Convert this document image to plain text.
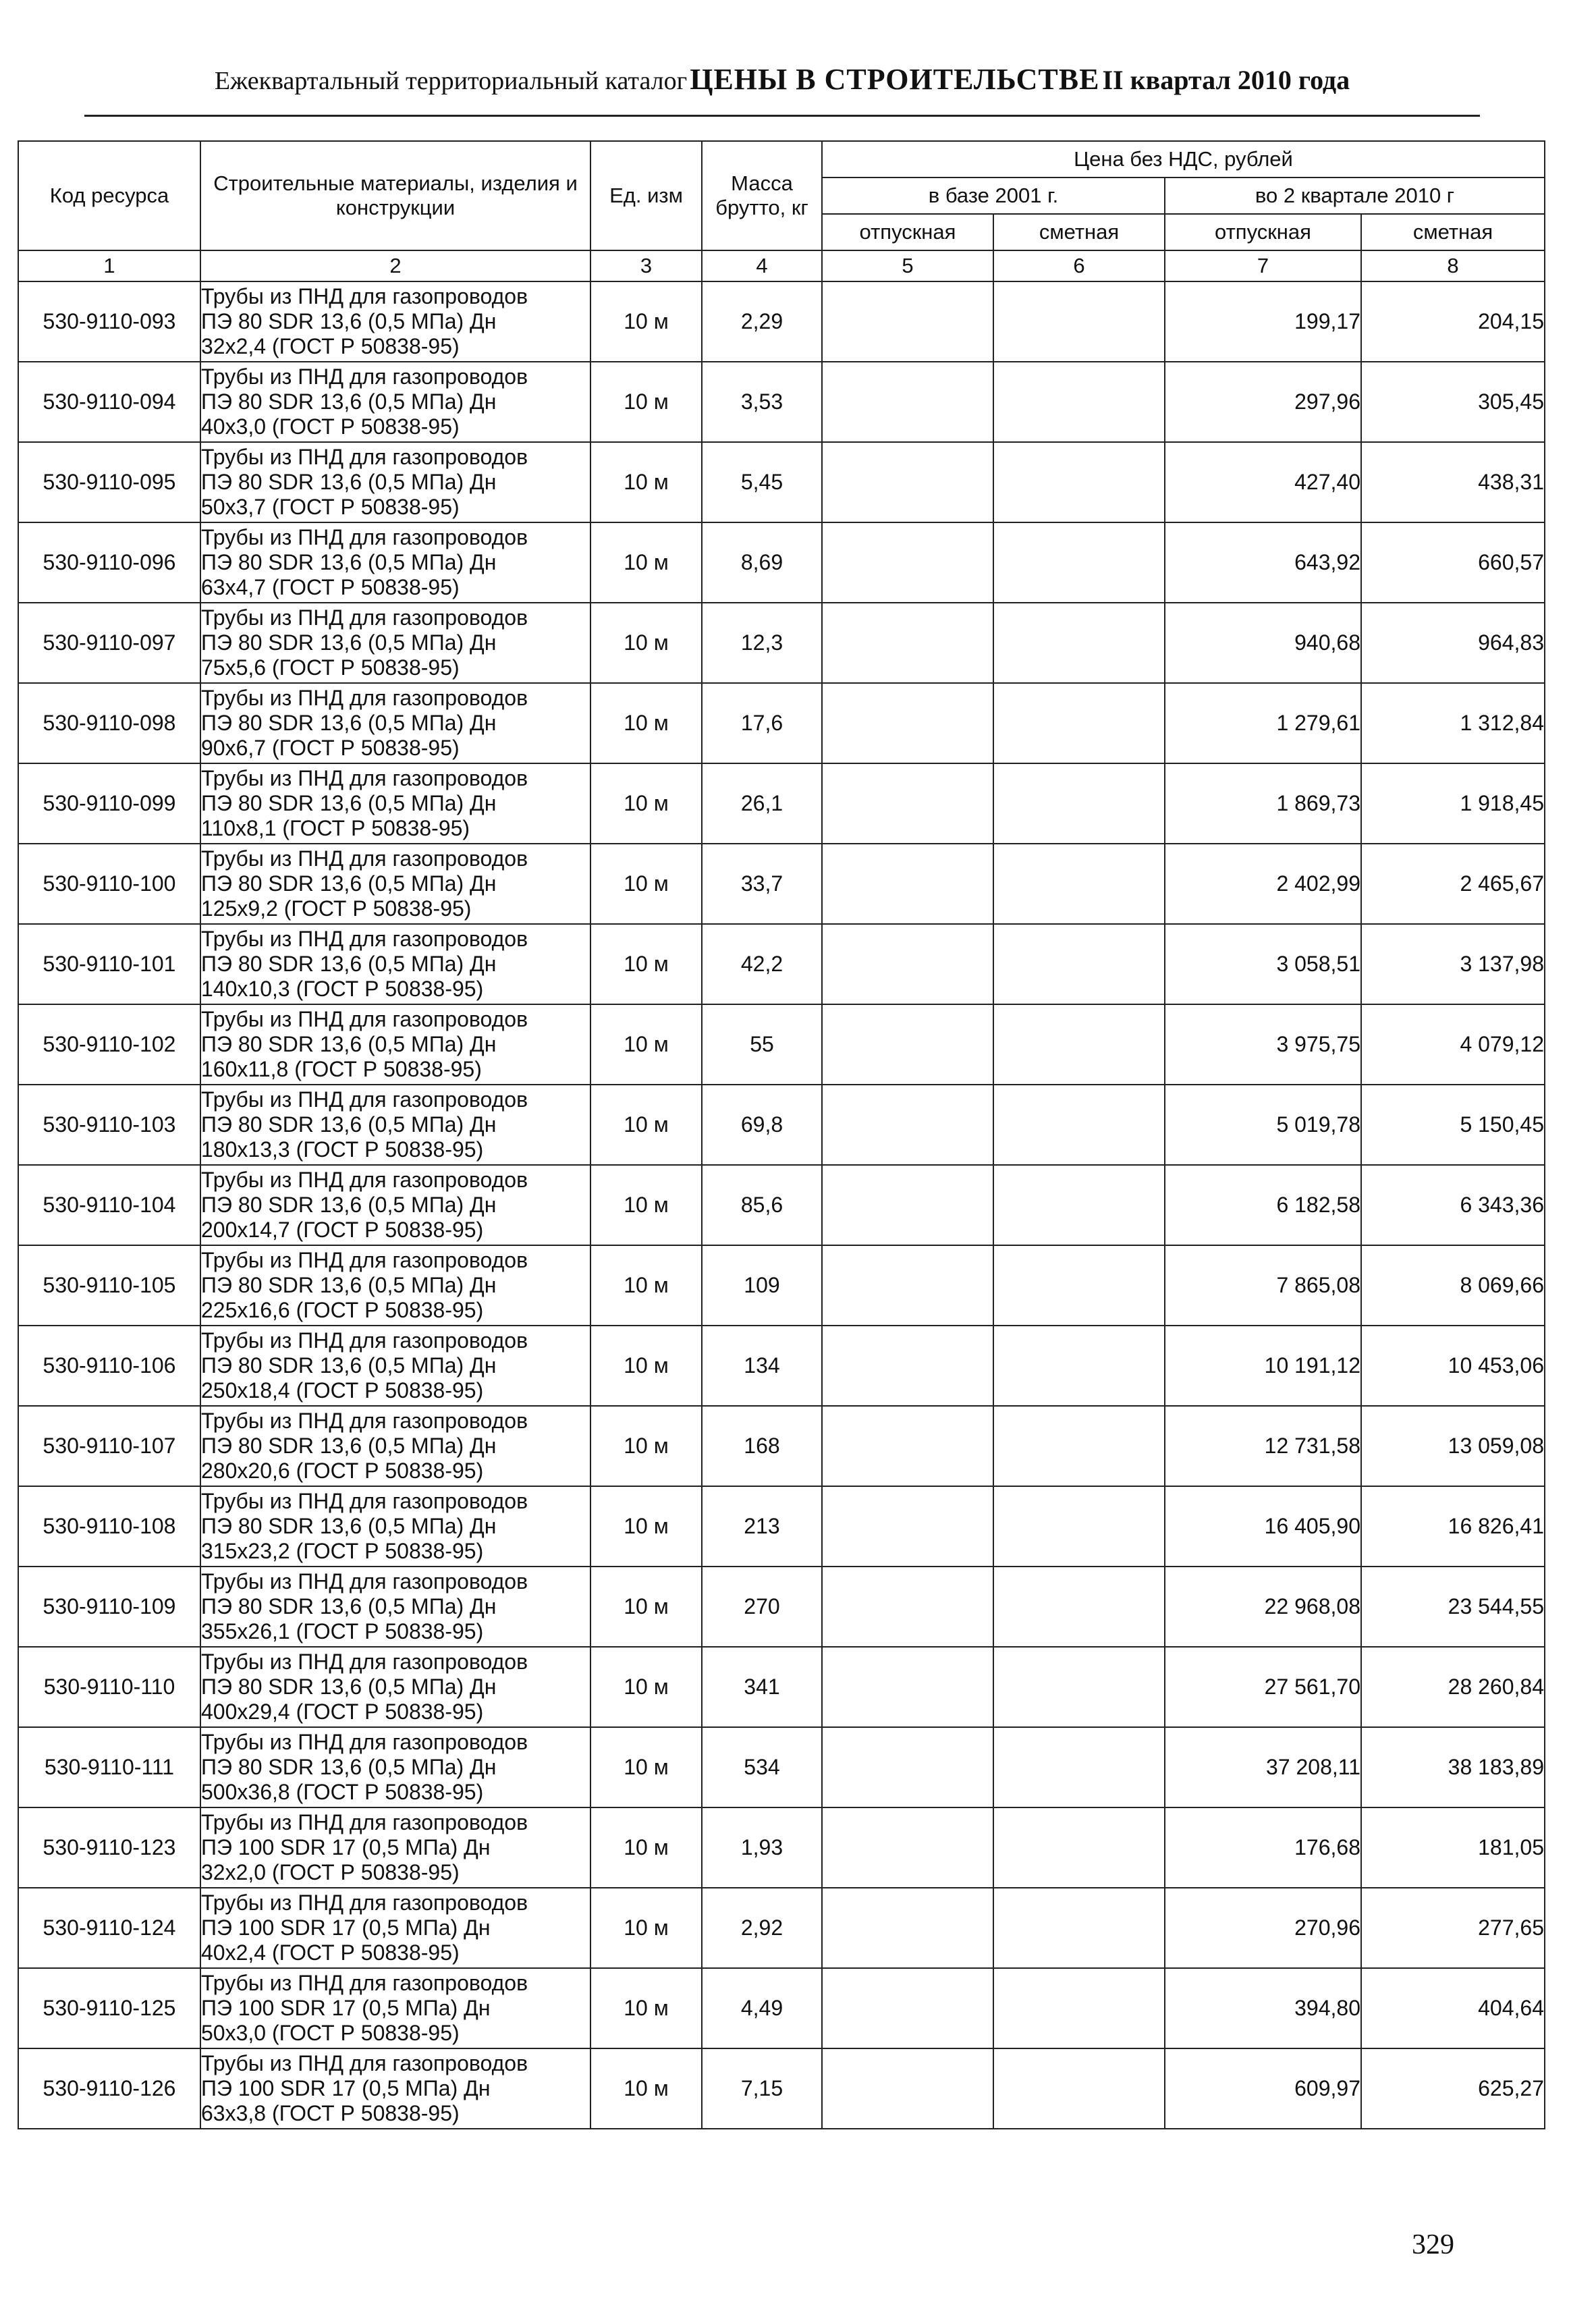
Ежеквартальный территориальный каталог ЦЕНЫ В СТРОИТЕЛЬСТВЕ II квартал 2010 года
Код ресурса	Строительные материалы, изделия и конструкции	Ед. изм	Масса брутто, кг	Цена без НДС, рублей			
				в базе 2001 г.		во 2 квартале 2010 г	
				отпускная	сметная	отпускная	сметная
1	2	3	4	5	6	7	8
530-9110-093	Трубы из ПНД для газопроводов
ПЭ 80 SDR 13,6 (0,5 МПа) Дн
32x2,4 (ГОСТ Р 50838-95)	10 м	2,29			199,17	204,15
530-9110-094	Трубы из ПНД для газопроводов
ПЭ 80 SDR 13,6 (0,5 МПа) Дн
40x3,0 (ГОСТ Р 50838-95)	10 м	3,53			297,96	305,45
530-9110-095	Трубы из ПНД для газопроводов
ПЭ 80 SDR 13,6 (0,5 МПа) Дн
50x3,7 (ГОСТ Р 50838-95)	10 м	5,45			427,40	438,31
530-9110-096	Трубы из ПНД для газопроводов
ПЭ 80 SDR 13,6 (0,5 МПа) Дн
63x4,7 (ГОСТ Р 50838-95)	10 м	8,69			643,92	660,57
530-9110-097	Трубы из ПНД для газопроводов
ПЭ 80 SDR 13,6 (0,5 МПа) Дн
75x5,6 (ГОСТ Р 50838-95)	10 м	12,3			940,68	964,83
530-9110-098	Трубы из ПНД для газопроводов
ПЭ 80 SDR 13,6 (0,5 МПа) Дн
90x6,7 (ГОСТ Р 50838-95)	10 м	17,6			1 279,61	1 312,84
530-9110-099	Трубы из ПНД для газопроводов
ПЭ 80 SDR 13,6 (0,5 МПа) Дн
110x8,1 (ГОСТ Р 50838-95)	10 м	26,1			1 869,73	1 918,45
530-9110-100	Трубы из ПНД для газопроводов
ПЭ 80 SDR 13,6 (0,5 МПа) Дн
125x9,2 (ГОСТ Р 50838-95)	10 м	33,7			2 402,99	2 465,67
530-9110-101	Трубы из ПНД для газопроводов
ПЭ 80 SDR 13,6 (0,5 МПа) Дн
140x10,3 (ГОСТ Р 50838-95)	10 м	42,2			3 058,51	3 137,98
530-9110-102	Трубы из ПНД для газопроводов
ПЭ 80 SDR 13,6 (0,5 МПа) Дн
160x11,8 (ГОСТ Р 50838-95)	10 м	55			3 975,75	4 079,12
530-9110-103	Трубы из ПНД для газопроводов
ПЭ 80 SDR 13,6 (0,5 МПа) Дн
180x13,3 (ГОСТ Р 50838-95)	10 м	69,8			5 019,78	5 150,45
530-9110-104	Трубы из ПНД для газопроводов
ПЭ 80 SDR 13,6 (0,5 МПа) Дн
200x14,7 (ГОСТ Р 50838-95)	10 м	85,6			6 182,58	6 343,36
530-9110-105	Трубы из ПНД для газопроводов
ПЭ 80 SDR 13,6 (0,5 МПа) Дн
225x16,6 (ГОСТ Р 50838-95)	10 м	109			7 865,08	8 069,66
530-9110-106	Трубы из ПНД для газопроводов
ПЭ 80 SDR 13,6 (0,5 МПа) Дн
250x18,4 (ГОСТ Р 50838-95)	10 м	134			10 191,12	10 453,06
530-9110-107	Трубы из ПНД для газопроводов
ПЭ 80 SDR 13,6 (0,5 МПа) Дн
280x20,6 (ГОСТ Р 50838-95)	10 м	168			12 731,58	13 059,08
530-9110-108	Трубы из ПНД для газопроводов
ПЭ 80 SDR 13,6 (0,5 МПа) Дн
315x23,2 (ГОСТ Р 50838-95)	10 м	213			16 405,90	16 826,41
530-9110-109	Трубы из ПНД для газопроводов
ПЭ 80 SDR 13,6 (0,5 МПа) Дн
355x26,1 (ГОСТ Р 50838-95)	10 м	270			22 968,08	23 544,55
530-9110-110	Трубы из ПНД для газопроводов
ПЭ 80 SDR 13,6 (0,5 МПа) Дн
400x29,4 (ГОСТ Р 50838-95)	10 м	341			27 561,70	28 260,84
530-9110-111	Трубы из ПНД для газопроводов
ПЭ 80 SDR 13,6 (0,5 МПа) Дн
500x36,8 (ГОСТ Р 50838-95)	10 м	534			37 208,11	38 183,89
530-9110-123	Трубы из ПНД для газопроводов
ПЭ 100 SDR 17 (0,5 МПа) Дн
32x2,0 (ГОСТ Р 50838-95)	10 м	1,93			176,68	181,05
530-9110-124	Трубы из ПНД для газопроводов
ПЭ 100 SDR 17 (0,5 МПа) Дн
40x2,4 (ГОСТ Р 50838-95)	10 м	2,92			270,96	277,65
530-9110-125	Трубы из ПНД для газопроводов
ПЭ 100 SDR 17 (0,5 МПа) Дн
50x3,0 (ГОСТ Р 50838-95)	10 м	4,49			394,80	404,64
530-9110-126	Трубы из ПНД для газопроводов
ПЭ 100 SDR 17 (0,5 МПа) Дн
63x3,8 (ГОСТ Р 50838-95)	10 м	7,15			609,97	625,27
329
